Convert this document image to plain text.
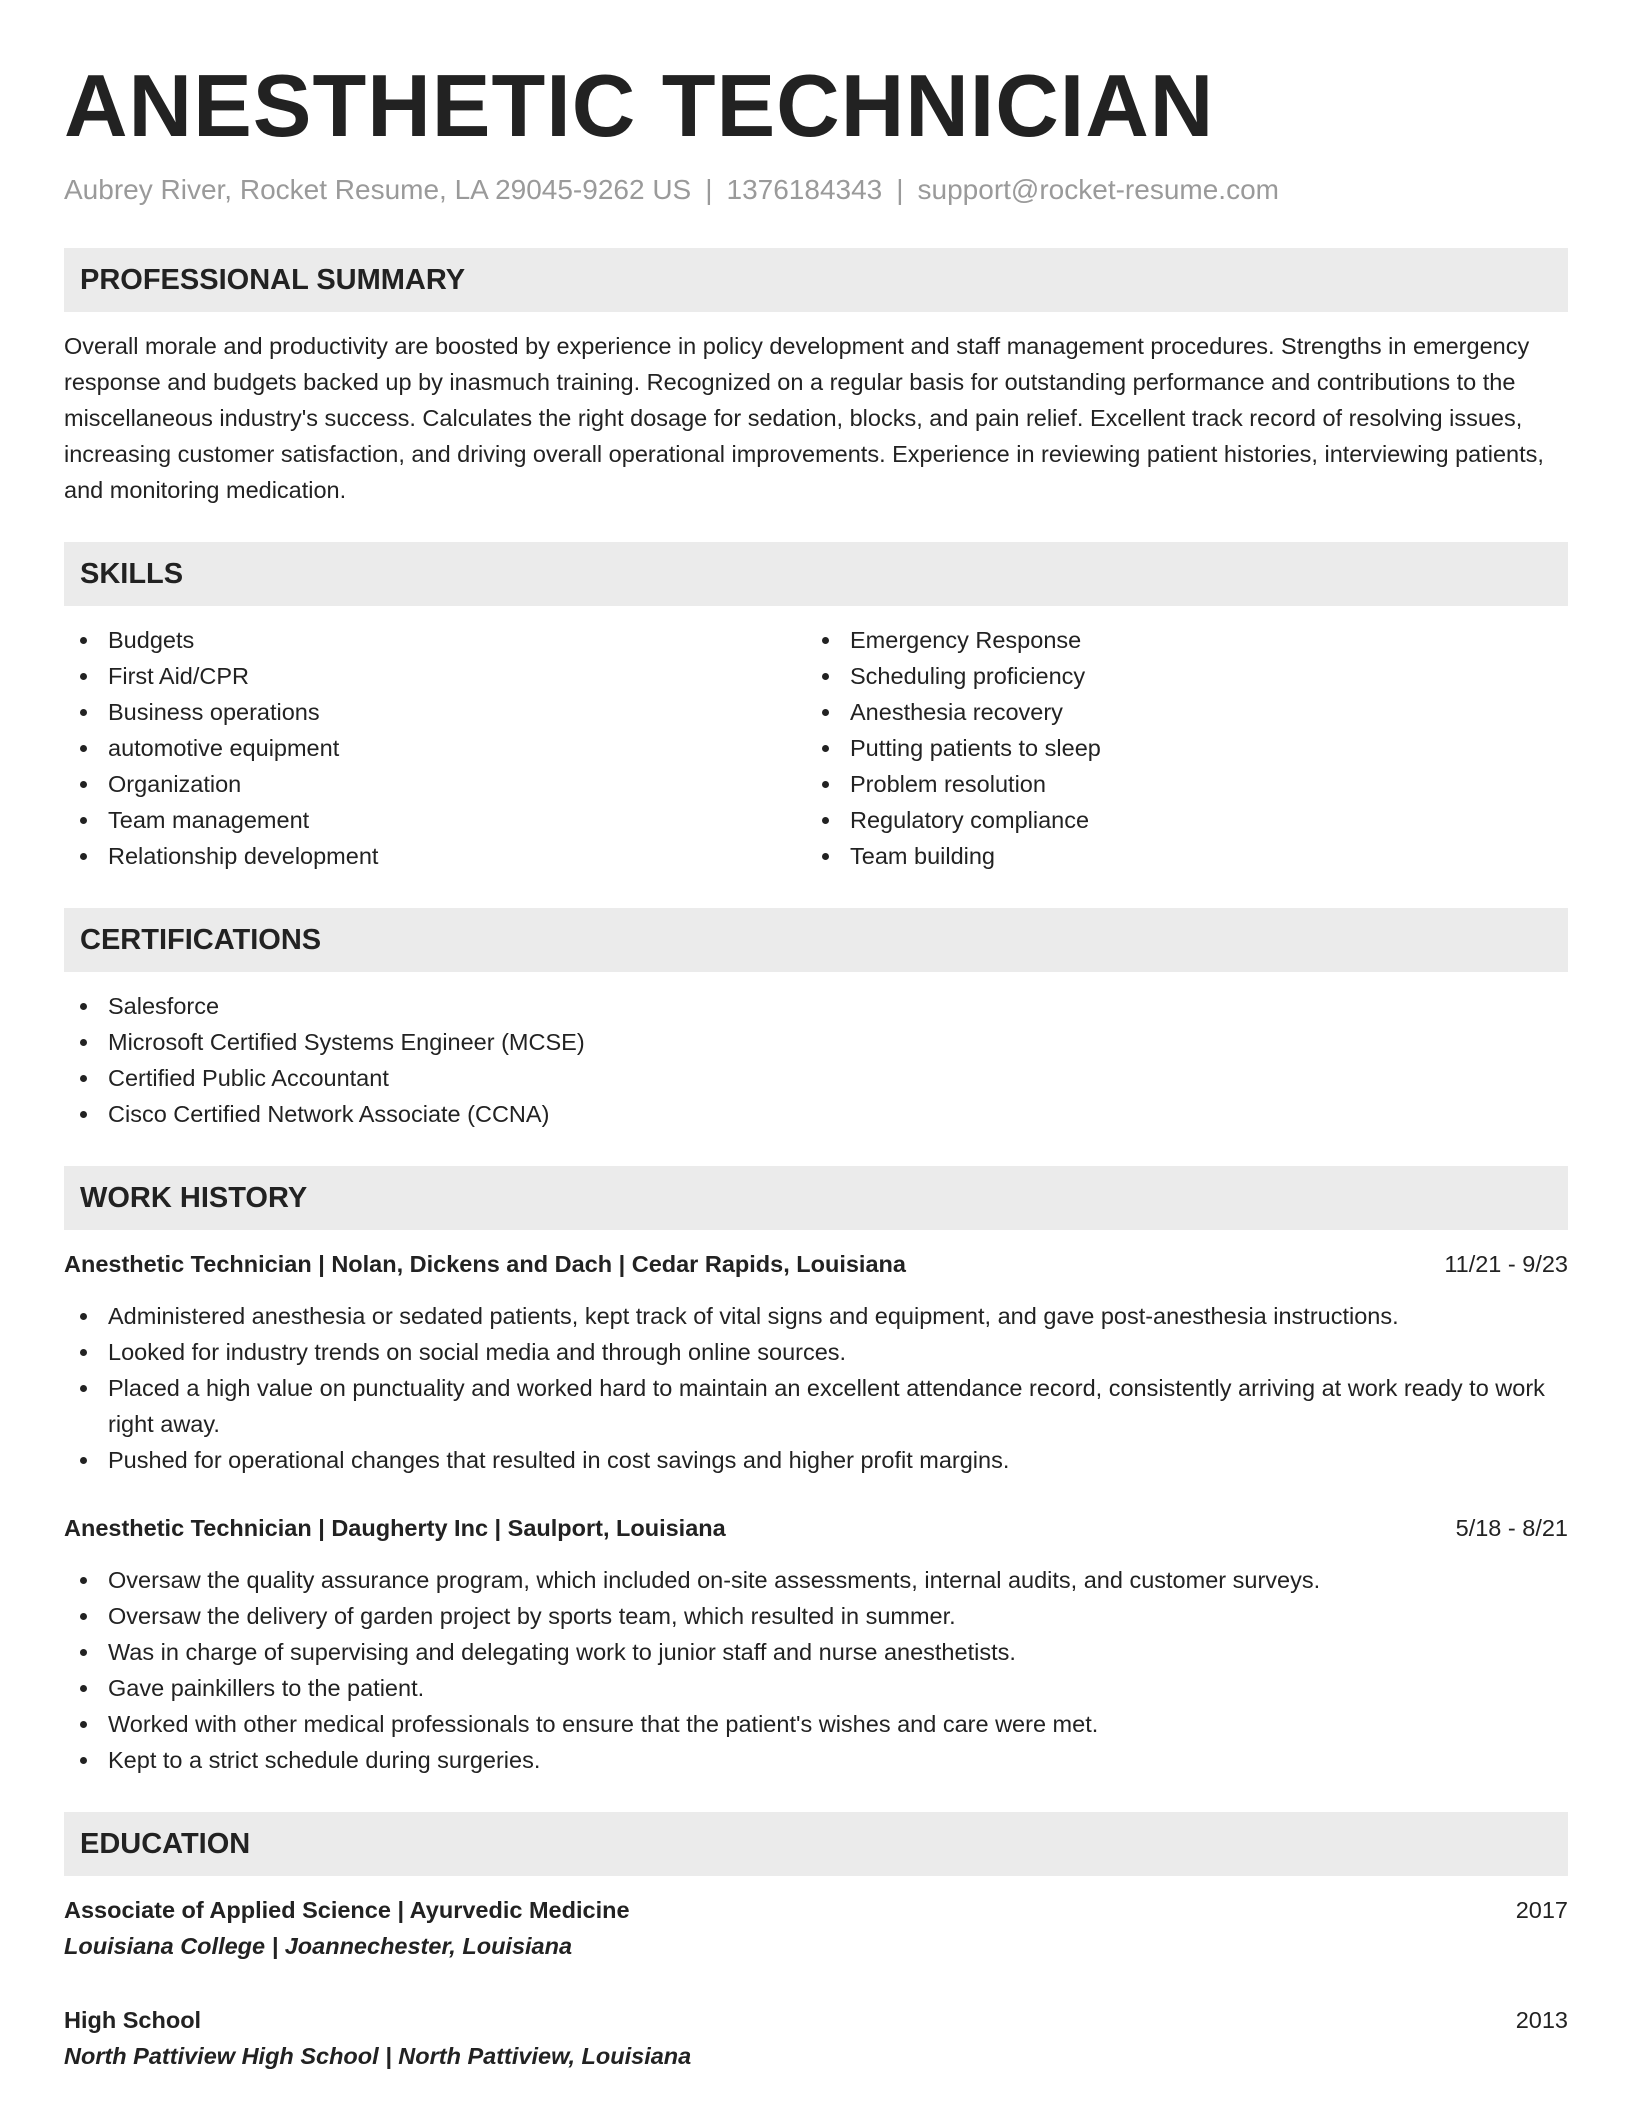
ANESTHETIC TECHNICIAN
Aubrey River, Rocket Resume, LA 29045-9262 US | 1376184343 | support@rocket-resume.com
PROFESSIONAL SUMMARY
Overall morale and productivity are boosted by experience in policy development and staff management procedures. Strengths in emergency response and budgets backed up by inasmuch training. Recognized on a regular basis for outstanding performance and contributions to the miscellaneous industry's success. Calculates the right dosage for sedation, blocks, and pain relief. Excellent track record of resolving issues, increasing customer satisfaction, and driving overall operational improvements. Experience in reviewing patient histories, interviewing patients, and monitoring medication.
SKILLS
Budgets
First Aid/CPR
Business operations
automotive equipment
Organization
Team management
Relationship development
Emergency Response
Scheduling proficiency
Anesthesia recovery
Putting patients to sleep
Problem resolution
Regulatory compliance
Team building
CERTIFICATIONS
Salesforce
Microsoft Certified Systems Engineer (MCSE)
Certified Public Accountant
Cisco Certified Network Associate (CCNA)
WORK HISTORY
Anesthetic Technician | Nolan, Dickens and Dach | Cedar Rapids, Louisiana	11/21 - 9/23
Administered anesthesia or sedated patients, kept track of vital signs and equipment, and gave post-anesthesia instructions.
Looked for industry trends on social media and through online sources.
Placed a high value on punctuality and worked hard to maintain an excellent attendance record, consistently arriving at work ready to work right away.
Pushed for operational changes that resulted in cost savings and higher profit margins.
Anesthetic Technician | Daugherty Inc | Saulport, Louisiana	5/18 - 8/21
Oversaw the quality assurance program, which included on-site assessments, internal audits, and customer surveys.
Oversaw the delivery of garden project by sports team, which resulted in summer.
Was in charge of supervising and delegating work to junior staff and nurse anesthetists.
Gave painkillers to the patient.
Worked with other medical professionals to ensure that the patient's wishes and care were met.
Kept to a strict schedule during surgeries.
EDUCATION
Associate of Applied Science | Ayurvedic Medicine	2017
Louisiana College | Joannechester, Louisiana
High School	2013
North Pattiview High School | North Pattiview, Louisiana
